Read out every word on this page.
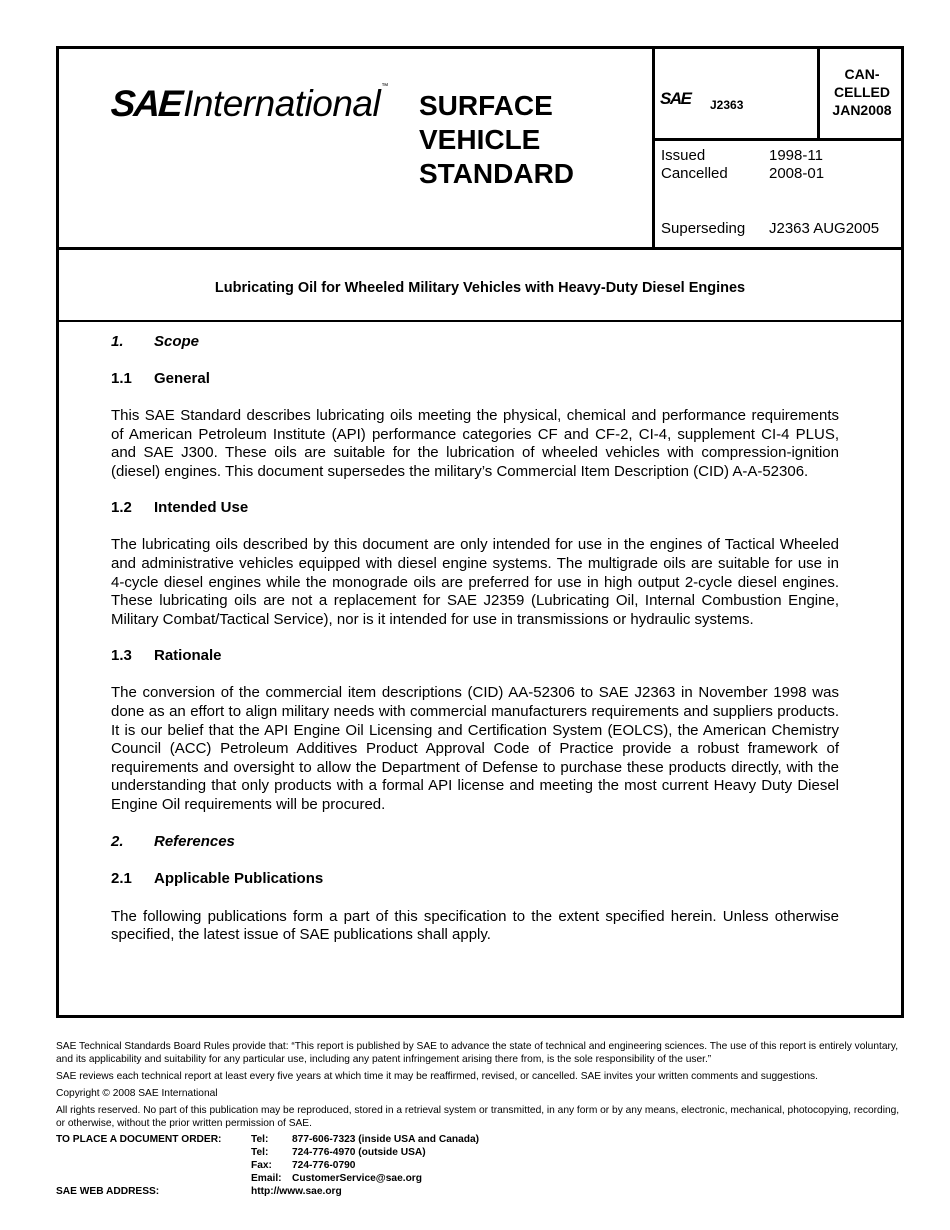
SAEInternational™
SURFACE
VEHICLE
STANDARD
SAE J2363
CAN-
CELLED
JAN2008
Issued	1998-11
Cancelled	2008-01
Superseding J2363 AUG2005
Lubricating Oil for Wheeled Military Vehicles with Heavy-Duty Diesel Engines
1. Scope
1.1 General

This SAE Standard describes lubricating oils meeting the physical, chemical and performance requirements of American Petroleum Institute (API) performance categories CF and CF-2, CI-4, supplement CI-4 PLUS, and SAE J300. These oils are suitable for the lubrication of wheeled vehicles with compression-ignition (diesel) engines. This document supersedes the military’s Commercial Item Description (CID) A-A-52306.

1.2 Intended Use

The lubricating oils described by this document are only intended for use in the engines of Tactical Wheeled and administrative vehicles equipped with diesel engine systems. The multigrade oils are suitable for use in 4-cycle diesel engines while the monograde oils are preferred for use in high output 2-cycle diesel engines. These lubricating oils are not a replacement for SAE J2359 (Lubricating Oil, Internal Combustion Engine, Military Combat/Tactical Service), nor is it intended for use in transmissions or hydraulic systems.

1.3 Rationale

The conversion of the commercial item descriptions (CID) AA-52306 to SAE J2363 in November 1998 was done as an effort to align military needs with commercial manufacturers requirements and suppliers products. It is our belief that the API Engine Oil Licensing and Certification System (EOLCS), the American Chemistry Council (ACC) Petroleum Additives Product Approval Code of Practice provide a robust framework of requirements and oversight to allow the Department of Defense to purchase these products directly, with the understanding that only products with a formal API license and meeting the most current Heavy Duty Diesel Engine Oil requirements will be procured.

2. References
2.1 Applicable Publications

The following publications form a part of this specification to the extent specified herein. Unless otherwise specified, the latest issue of SAE publications shall apply.

SAE Technical Standards Board Rules provide that: “This report is published by SAE to advance the state of technical and engineering sciences. The use of this report is entirely voluntary, and its applicability and suitability for any particular use, including any patent infringement arising there from, is the sole responsibility of the user.”

SAE reviews each technical report at least every five years at which time it may be reaffirmed, revised, or cancelled. SAE invites your written comments and suggestions.

Copyright © 2008 SAE International

All rights reserved. No part of this publication may be reproduced, stored in a retrieval system or transmitted, in any form or by any means, electronic, mechanical, photocopying, recording, or otherwise, without the prior written permission of SAE.

TO PLACE A DOCUMENT ORDER:	Tel: 877-606-7323 (inside USA and Canada)
Tel: 724-776-4970 (outside USA)
Fax: 724-776-0790
Email: CustomerService@sae.org
SAE WEB ADDRESS:	http://www.sae.org
